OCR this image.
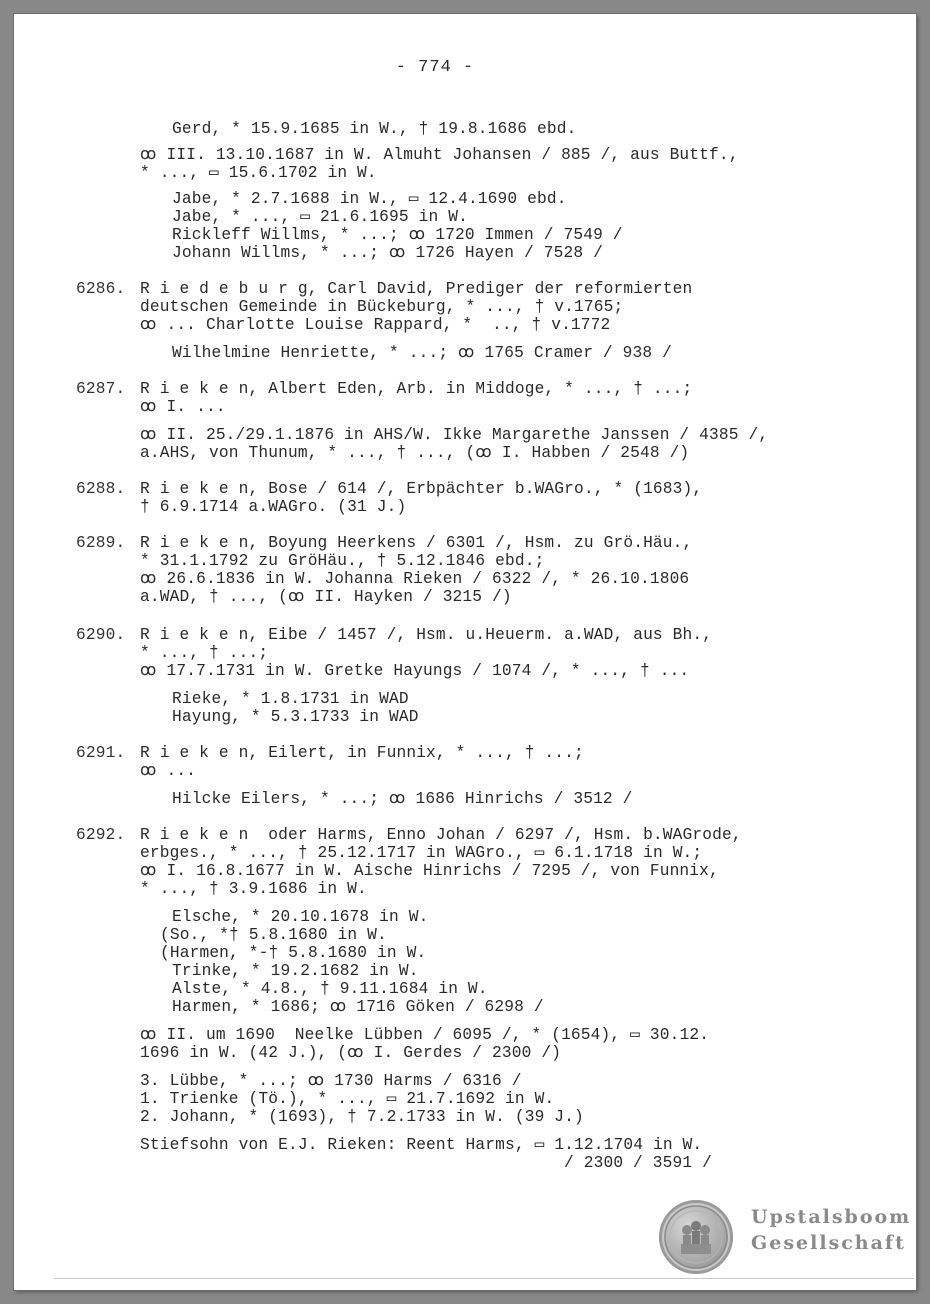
- 774 -
Gerd, * 15.9.1685 in W., † 19.8.1686 ebd.
ꝏ III. 13.10.1687 in W. Almuht Johansen / 885 /, aus Buttf.,
* ..., ▭ 15.6.1702 in W.
Jabe, * 2.7.1688 in W., ▭ 12.4.1690 ebd.
Jabe, * ..., ▭ 21.6.1695 in W.
Rickleff Willms, * ...; ꝏ 1720 Immen / 7549 /
Johann Willms, * ...; ꝏ 1726 Hayen / 7528 /
6286. R i e d e b u r g, Carl David, Prediger der reformierten
deutschen Gemeinde in Bückeburg, * ..., † v.1765;
ꝏ ... Charlotte Louise Rappard, *  .., † v.1772
Wilhelmine Henriette, * ...; ꝏ 1765 Cramer / 938 /
6287. R i e k e n, Albert Eden, Arb. in Middoge, * ..., † ...;
ꝏ I. ...
ꝏ II. 25./29.1.1876 in AHS/W. Ikke Margarethe Janssen / 4385 /,
a.AHS, von Thunum, * ..., † ..., (ꝏ I. Habben / 2548 /)
6288. R i e k e n, Bose / 614 /, Erbpächter b.WAGro., * (1683),
† 6.9.1714 a.WAGro. (31 J.)
6289. R i e k e n, Boyung Heerkens / 6301 /, Hsm. zu Grö.Häu.,
* 31.1.1792 zu GröHäu., † 5.12.1846 ebd.;
ꝏ 26.6.1836 in W. Johanna Rieken / 6322 /, * 26.10.1806
a.WAD, † ..., (ꝏ II. Hayken / 3215 /)
6290. R i e k e n, Eibe / 1457 /, Hsm. u.Heuerm. a.WAD, aus Bh.,
* ..., † ...;
ꝏ 17.7.1731 in W. Gretke Hayungs / 1074 /, * ..., † ...
Rieke, * 1.8.1731 in WAD
Hayung, * 5.3.1733 in WAD
6291. R i e k e n, Eilert, in Funnix, * ..., † ...;
ꝏ ...
Hilcke Eilers, * ...; ꝏ 1686 Hinrichs / 3512 /
6292. R i e k e n  oder Harms, Enno Johan / 6297 /, Hsm. b.WAGrode,
erbges., * ..., † 25.12.1717 in WAGro., ▭ 6.1.1718 in W.;
ꝏ I. 16.8.1677 in W. Aische Hinrichs / 7295 /, von Funnix,
* ..., † 3.9.1686 in W.
Elsche, * 20.10.1678 in W.
(So., *† 5.8.1680 in W.
(Harmen, *-† 5.8.1680 in W.
Trinke, * 19.2.1682 in W.
Alste, * 4.8., † 9.11.1684 in W.
Harmen, * 1686; ꝏ 1716 Göken / 6298 /
ꝏ II. um 1690  Neelke Lübben / 6095 /, * (1654), ▭ 30.12.
1696 in W. (42 J.), (ꝏ I. Gerdes / 2300 /)
3. Lübbe, * ...; ꝏ 1730 Harms / 6316 /
1. Trienke (Tö.), * ..., ▭ 21.7.1692 in W.
2. Johann, * (1693), † 7.2.1733 in W. (39 J.)
Stiefsohn von E.J. Rieken: Reent Harms, ▭ 1.12.1704 in W.
/ 2300 / 3591 /
Upstalsboom
Gesellschaft
